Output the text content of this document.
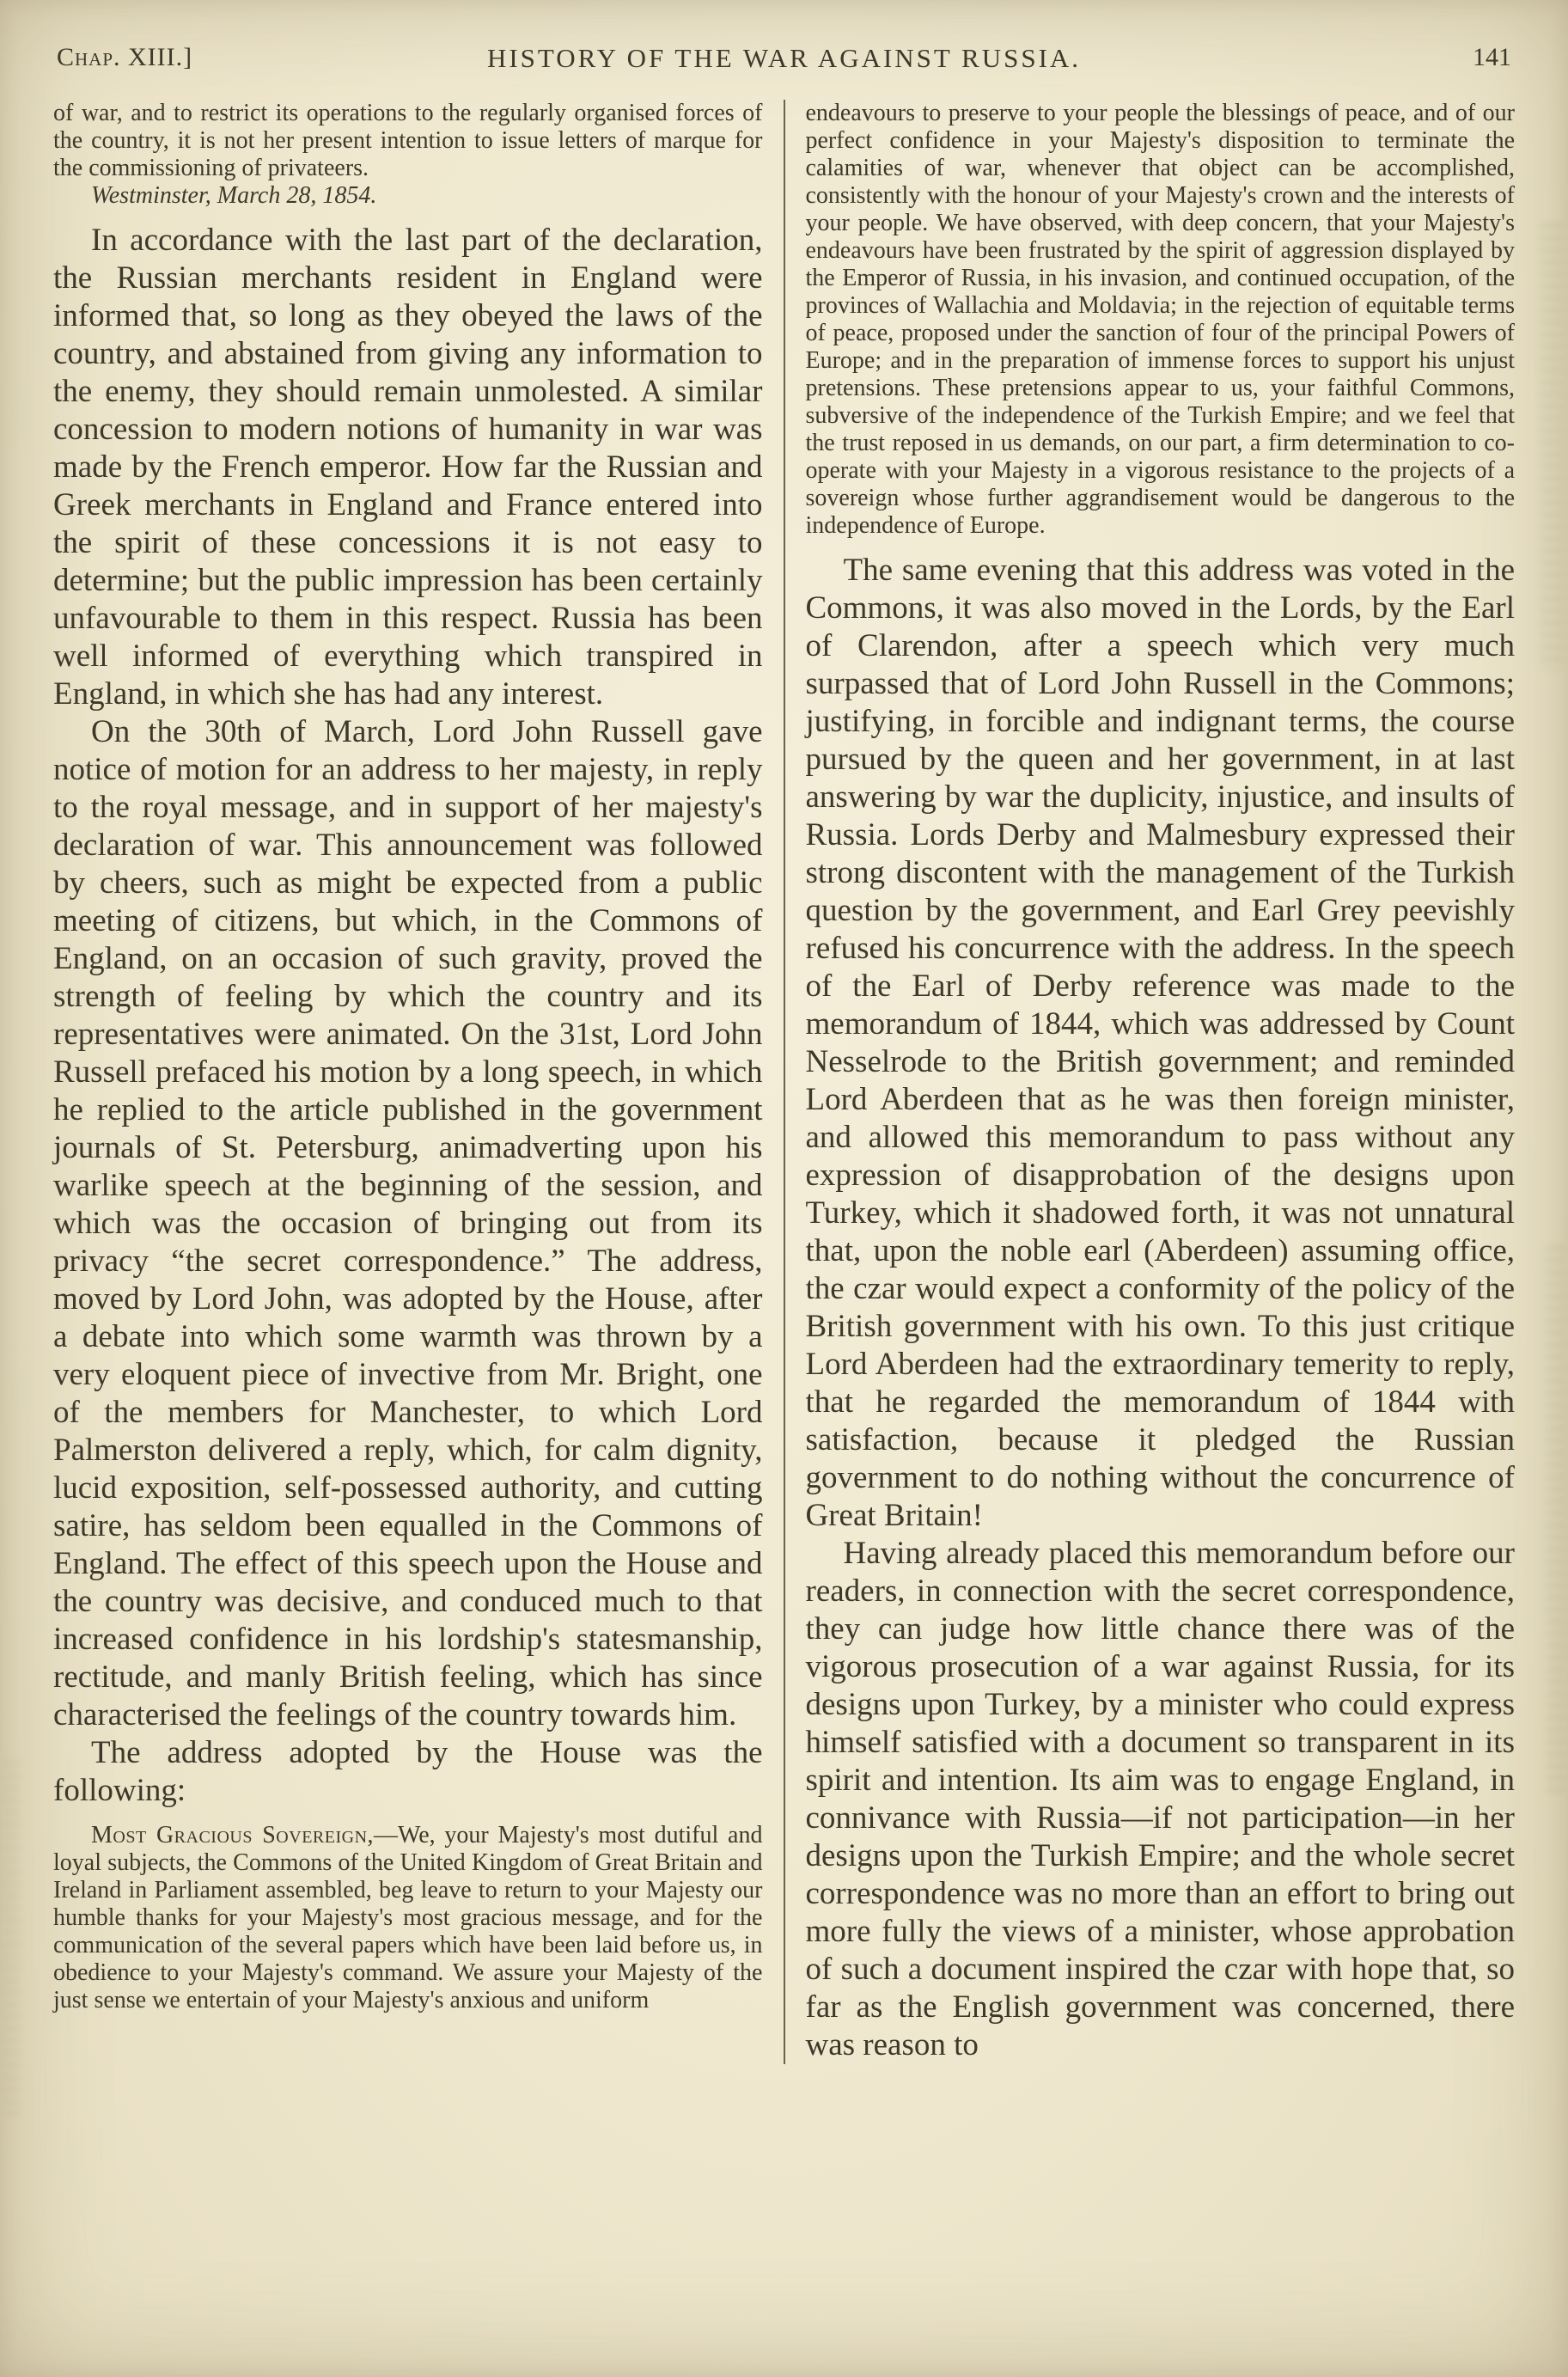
Chap. XIII.]	HISTORY OF THE WAR AGAINST RUSSIA.	141

of war, and to restrict its operations to the regularly organised forces of the country, it is not her present intention to issue letters of marque for the commissioning of privateers.

Westminster, March 28, 1854.

In accordance with the last part of the declaration, the Russian merchants resident in England were informed that, so long as they obeyed the laws of the country, and abstained from giving any information to the enemy, they should remain unmolested. A similar concession to modern notions of humanity in war was made by the French emperor. How far the Russian and Greek merchants in England and France entered into the spirit of these concessions it is not easy to determine; but the public impression has been certainly unfavourable to them in this respect. Russia has been well informed of everything which transpired in England, in which she has had any interest.

On the 30th of March, Lord John Russell gave notice of motion for an address to her majesty, in reply to the royal message, and in support of her majesty's declaration of war. This announcement was followed by cheers, such as might be expected from a public meeting of citizens, but which, in the Commons of England, on an occasion of such gravity, proved the strength of feeling by which the country and its representatives were animated. On the 31st, Lord John Russell prefaced his motion by a long speech, in which he replied to the article published in the government journals of St. Petersburg, animadverting upon his warlike speech at the beginning of the session, and which was the occasion of bringing out from its privacy “the secret correspondence.” The address, moved by Lord John, was adopted by the House, after a debate into which some warmth was thrown by a very eloquent piece of invective from Mr. Bright, one of the members for Manchester, to which Lord Palmerston delivered a reply, which, for calm dignity, lucid exposition, self-possessed authority, and cutting satire, has seldom been equalled in the Commons of England. The effect of this speech upon the House and the country was decisive, and conduced much to that increased confidence in his lordship's statesmanship, rectitude, and manly British feeling, which has since characterised the feelings of the country towards him.

The address adopted by the House was the following:

Most Gracious Sovereign,—We, your Majesty's most dutiful and loyal subjects, the Commons of the United Kingdom of Great Britain and Ireland in Parliament assembled, beg leave to return to your Majesty our humble thanks for your Majesty's most gracious message, and for the communication of the several papers which have been laid before us, in obedience to your Majesty's command. We assure your Majesty of the just sense we entertain of your Majesty's anxious and uniform

endeavours to preserve to your people the blessings of peace, and of our perfect confidence in your Majesty's disposition to terminate the calamities of war, whenever that object can be accomplished, consistently with the honour of your Majesty's crown and the interests of your people. We have observed, with deep concern, that your Majesty's endeavours have been frustrated by the spirit of aggression displayed by the Emperor of Russia, in his invasion, and continued occupation, of the provinces of Wallachia and Moldavia; in the rejection of equitable terms of peace, proposed under the sanction of four of the principal Powers of Europe; and in the preparation of immense forces to support his unjust pretensions. These pretensions appear to us, your faithful Commons, subversive of the independence of the Turkish Empire; and we feel that the trust reposed in us demands, on our part, a firm determination to co-operate with your Majesty in a vigorous resistance to the projects of a sovereign whose further aggrandisement would be dangerous to the independence of Europe.

The same evening that this address was voted in the Commons, it was also moved in the Lords, by the Earl of Clarendon, after a speech which very much surpassed that of Lord John Russell in the Commons; justifying, in forcible and indignant terms, the course pursued by the queen and her government, in at last answering by war the duplicity, injustice, and insults of Russia. Lords Derby and Malmesbury expressed their strong discontent with the management of the Turkish question by the government, and Earl Grey peevishly refused his concurrence with the address. In the speech of the Earl of Derby reference was made to the memorandum of 1844, which was addressed by Count Nesselrode to the British government; and reminded Lord Aberdeen that as he was then foreign minister, and allowed this memorandum to pass without any expression of disapprobation of the designs upon Turkey, which it shadowed forth, it was not unnatural that, upon the noble earl (Aberdeen) assuming office, the czar would expect a conformity of the policy of the British government with his own. To this just critique Lord Aberdeen had the extraordinary temerity to reply, that he regarded the memorandum of 1844 with satisfaction, because it pledged the Russian government to do nothing without the concurrence of Great Britain!

Having already placed this memorandum before our readers, in connection with the secret correspondence, they can judge how little chance there was of the vigorous prosecution of a war against Russia, for its designs upon Turkey, by a minister who could express himself satisfied with a document so transparent in its spirit and intention. Its aim was to engage England, in connivance with Russia—if not participation—in her designs upon the Turkish Empire; and the whole secret correspondence was no more than an effort to bring out more fully the views of a minister, whose approbation of such a document inspired the czar with hope that, so far as the English government was concerned, there was reason to
